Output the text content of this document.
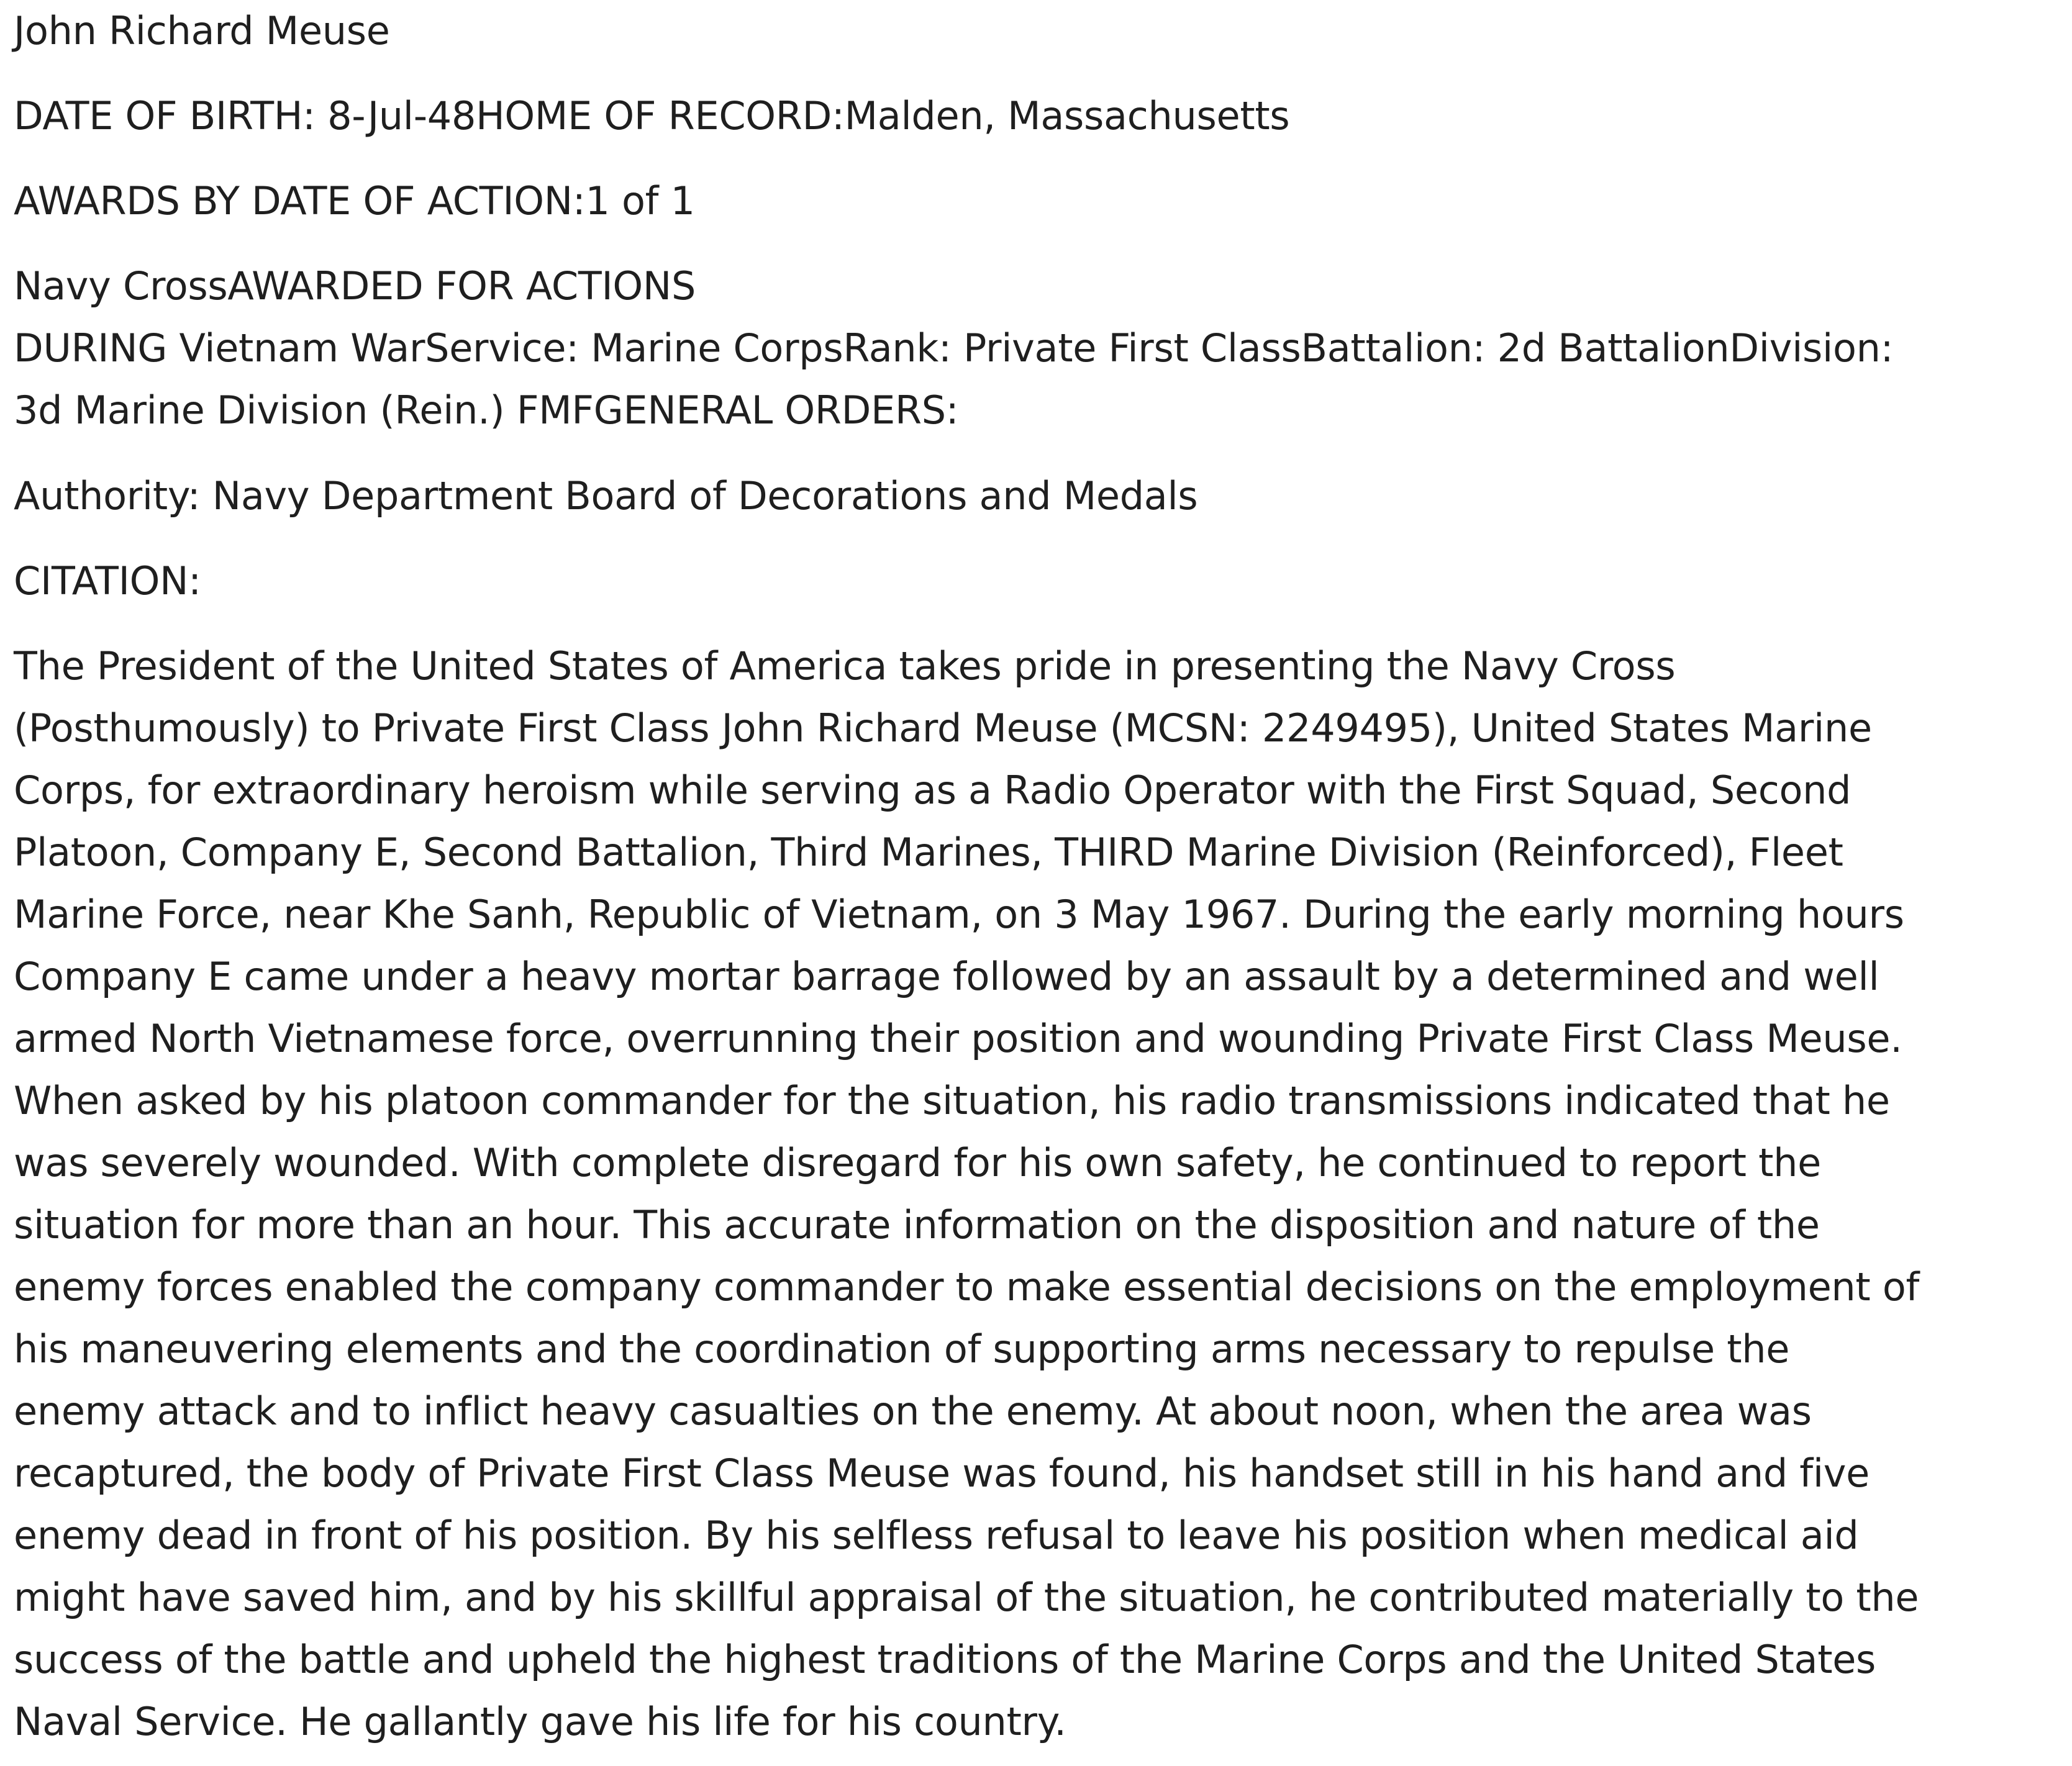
John Richard Meuse

DATE OF BIRTH: 8-Jul-48HOME OF RECORD:Malden, Massachusetts

AWARDS BY DATE OF ACTION:1 of 1

Navy CrossAWARDED FOR ACTIONS

DURING Vietnam WarService: Marine CorpsRank: Private First ClassBattalion: 2d BattalionDivision:

3d Marine Division (Rein.) FMFGENERAL ORDERS:

Authority: Navy Department Board of Decorations and Medals

CITATION:

The President of the United States of America takes pride in presenting the Navy Cross

(Posthumously) to Private First Class John Richard Meuse (MCSN: 2249495), United States Marine

Corps, for extraordinary heroism while serving as a Radio Operator with the First Squad, Second

Platoon, Company E, Second Battalion, Third Marines, THIRD Marine Division (Reinforced), Fleet

Marine Force, near Khe Sanh, Republic of Vietnam, on 3 May 1967. During the early morning hours

Company E came under a heavy mortar barrage followed by an assault by a determined and well

armed North Vietnamese force, overrunning their position and wounding Private First Class Meuse.

When asked by his platoon commander for the situation, his radio transmissions indicated that he

was severely wounded. With complete disregard for his own safety, he continued to report the

situation for more than an hour. This accurate information on the disposition and nature of the

enemy forces enabled the company commander to make essential decisions on the employment of

his maneuvering elements and the coordination of supporting arms necessary to repulse the

enemy attack and to inflict heavy casualties on the enemy. At about noon, when the area was

recaptured, the body of Private First Class Meuse was found, his handset still in his hand and five

enemy dead in front of his position. By his selfless refusal to leave his position when medical aid

might have saved him, and by his skillful appraisal of the situation, he contributed materially to the

success of the battle and upheld the highest traditions of the Marine Corps and the United States

Naval Service. He gallantly gave his life for his country.
